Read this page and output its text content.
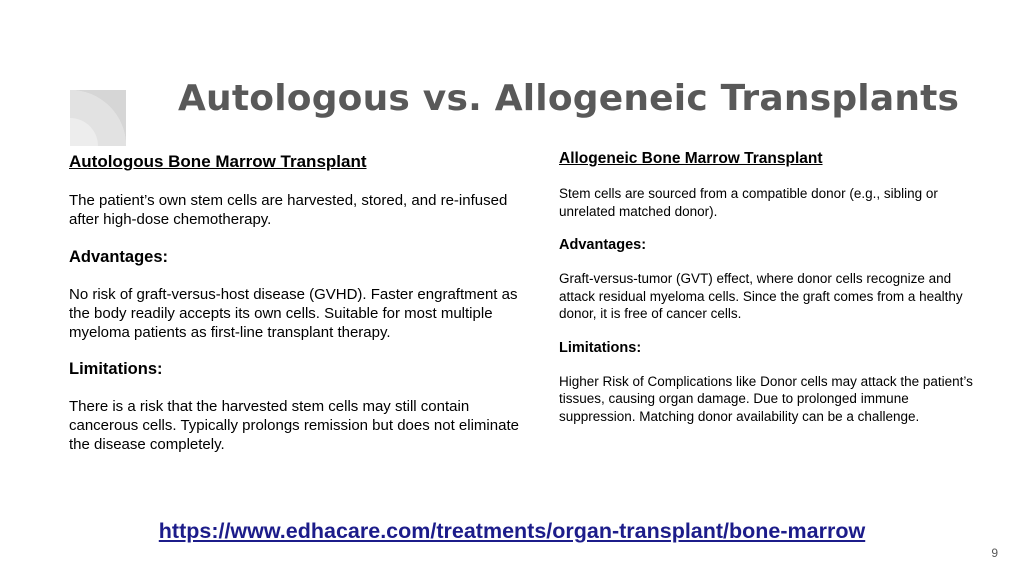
Autologous vs. Allogeneic Transplants
Autologous Bone Marrow Transplant

The patient’s own stem cells are harvested, stored, and re-infused after high-dose chemotherapy.

Advantages:

No risk of graft-versus-host disease (GVHD). Faster engraftment as the body readily accepts its own cells. Suitable for most multiple myeloma patients as first-line transplant therapy.

Limitations:

There is a risk that the harvested stem cells may still contain cancerous cells. Typically prolongs remission but does not eliminate the disease completely.

Allogeneic Bone Marrow Transplant

Stem cells are sourced from a compatible donor (e.g., sibling or unrelated matched donor).

Advantages:

Graft-versus-tumor (GVT) effect, where donor cells recognize and attack residual myeloma cells. Since the graft comes from a healthy donor, it is free of cancer cells.

Limitations:

Higher Risk of Complications like Donor cells may attack the patient’s tissues, causing organ damage. Due to prolonged immune suppression. Matching donor availability can be a challenge.

https://www.edhacare.com/treatments/organ-transplant/bone-marrow
9
